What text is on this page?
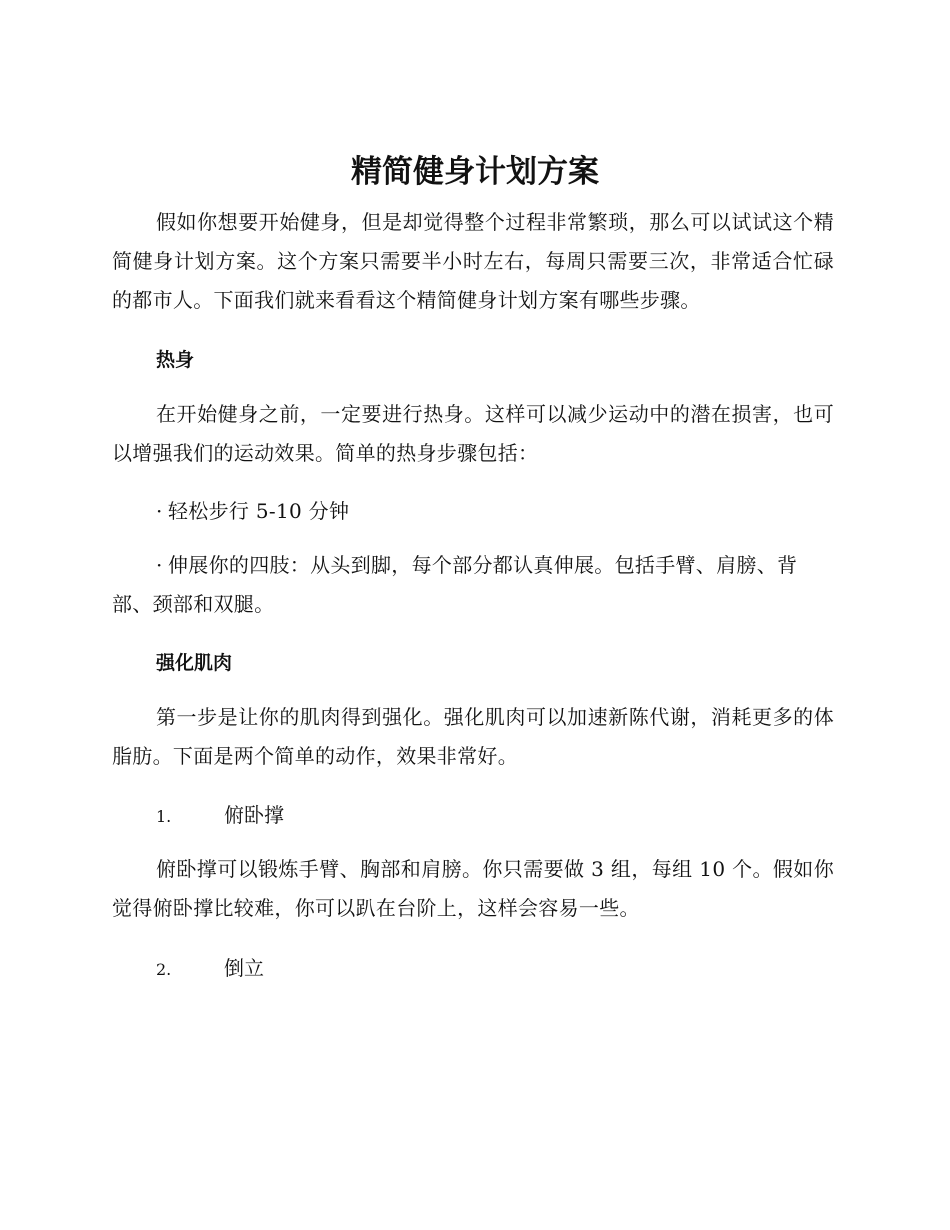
精简健身计划方案

假如你想要开始健身，但是却觉得整个过程非常繁琐，那么可以试试这个精简健身计划方案。这个方案只需要半小时左右，每周只需要三次，非常适合忙碌的都市人。下面我们就来看看这个精简健身计划方案有哪些步骤。

热身

在开始健身之前，一定要进行热身。这样可以减少运动中的潜在损害，也可以增强我们的运动效果。简单的热身步骤包括：

· 轻松步行 5-10 分钟

· 伸展你的四肢：从头到脚，每个部分都认真伸展。包括手臂、肩膀、背部、颈部和双腿。

强化肌肉

第一步是让你的肌肉得到强化。强化肌肉可以加速新陈代谢，消耗更多的体脂肪。下面是两个简单的动作，效果非常好。

1.	俯卧撑

俯卧撑可以锻炼手臂、胸部和肩膀。你只需要做 3 组，每组 10 个。假如你觉得俯卧撑比较难，你可以趴在台阶上，这样会容易一些。

2.	倒立
